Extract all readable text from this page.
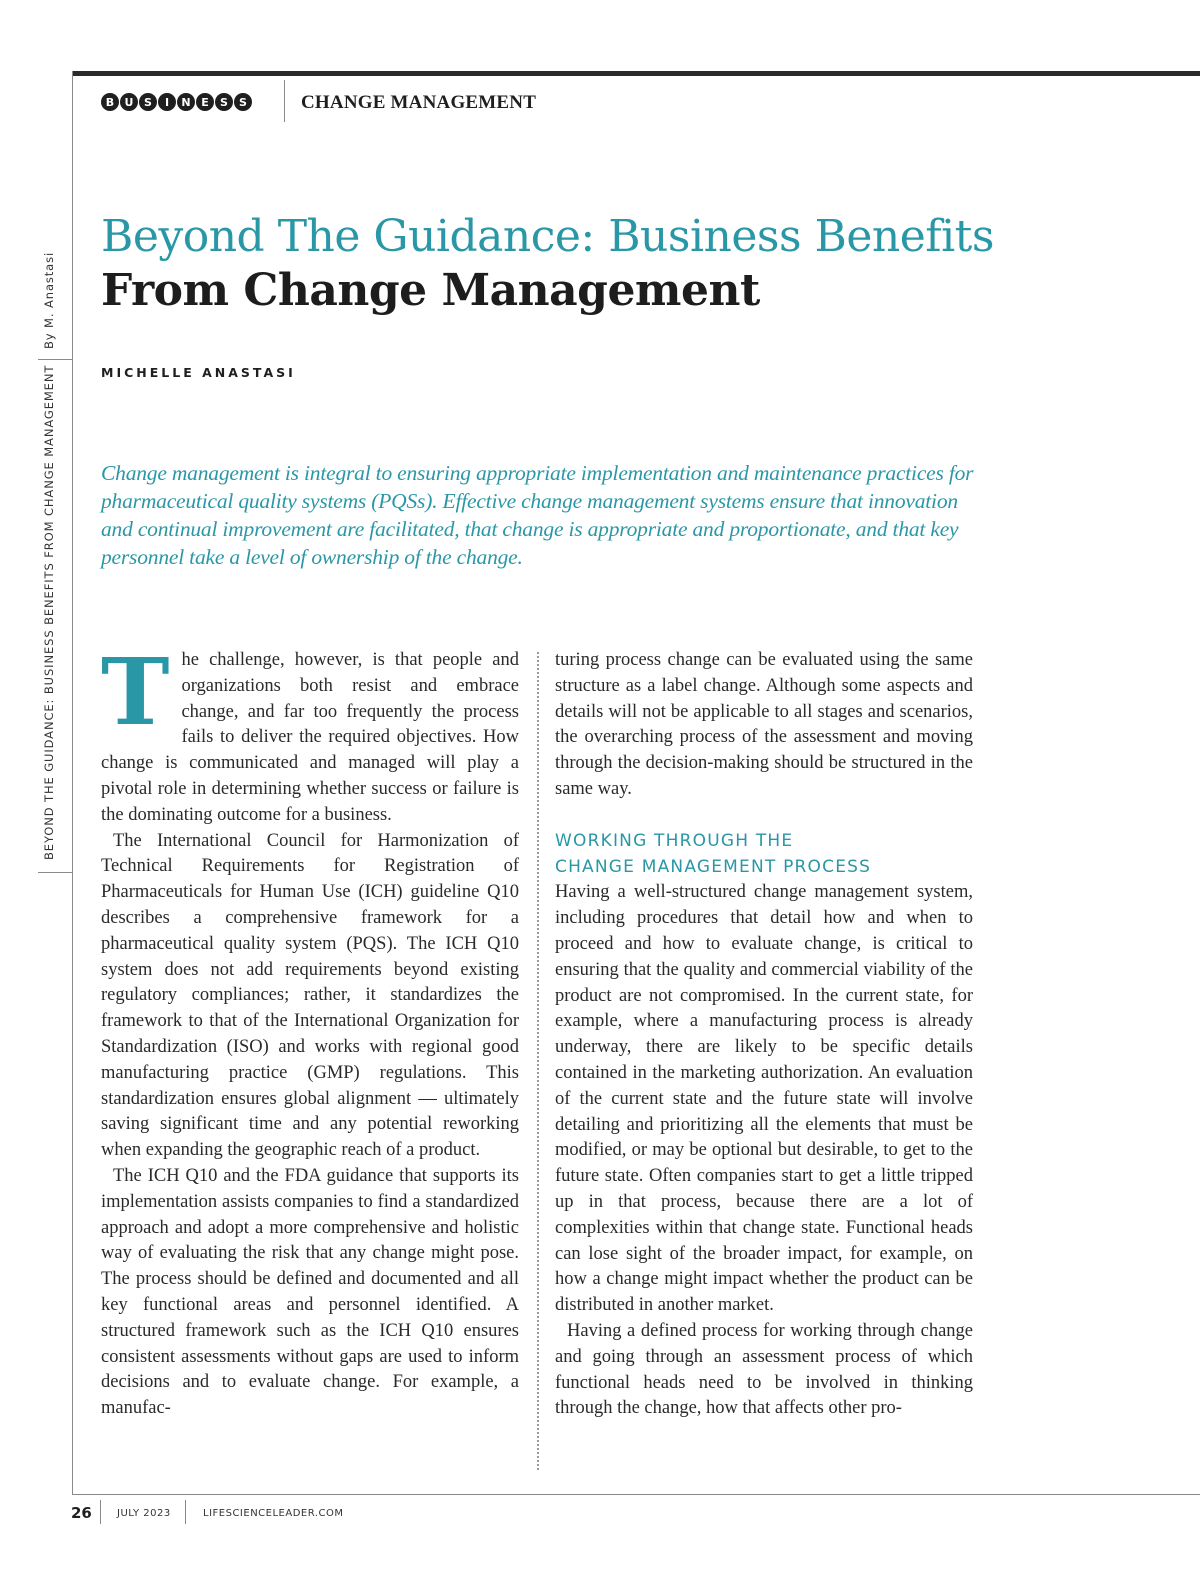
B U S	I	N E	S	S	CHANGE MANAGEMENT
By M. Anastasi
BEYOND THE GUIDANCE: BUSINESS BENEFITS FROM CHANGE MANAGEMENT
Beyond The Guidance: Business Benefits
From Change Management
MICHELLE ANASTASI
Change management is integral to ensuring appropriate implementation and maintenance practices for pharmaceutical quality systems (PQSs). Effective change management systems ensure that innovation and continual improvement are facilitated, that change is appropriate and proportionate, and that key personnel take a level of ownership of the change.

The challenge, however, is that people and organizations both resist and embrace change, and far too frequently the process fails to deliver the required objectives. How change is communicated and managed will play a pivotal role in determining whether success or failure is the dominating outcome for a business.

The International Council for Harmonization of Technical Requirements for Registration of Pharmaceuticals for Human Use (ICH) guideline Q10 describes a comprehensive framework for a pharmaceutical quality system (PQS). The ICH Q10 system does not add requirements beyond existing regulatory compliances; rather, it standardizes the framework to that of the International Organization for Standardization (ISO) and works with regional good manufacturing practice (GMP) regulations. This standardization ensures global alignment — ultimately saving significant time and any potential reworking when expanding the geographic reach of a product.

The ICH Q10 and the FDA guidance that supports its implementation assists companies to find a standardized approach and adopt a more comprehensive and holistic way of evaluating the risk that any change might pose. The process should be defined and documented and all key functional areas and personnel identified. A structured framework such as the ICH Q10 ensures consistent assessments without gaps are used to inform decisions and to evaluate change. For example, a manufac-

turing process change can be evaluated using the same structure as a label change. Although some aspects and details will not be applicable to all stages and scenarios, the overarching process of the assessment and moving through the decision-making should be structured in the same way.

WORKING THROUGH THE
CHANGE MANAGEMENT PROCESS

Having a well-structured change management system, including procedures that detail how and when to proceed and how to evaluate change, is critical to ensuring that the quality and commercial viability of the product are not compromised. In the current state, for example, where a manufacturing process is already underway, there are likely to be specific details contained in the marketing authorization. An evaluation of the current state and the future state will involve detailing and prioritizing all the elements that must be modified, or may be optional but desirable, to get to the future state. Often companies start to get a little tripped up in that process, because there are a lot of complexities within that change state. Functional heads can lose sight of the broader impact, for example, on how a change might impact whether the product can be distributed in another market.

Having a defined process for working through change and going through an assessment process of which functional heads need to be involved in thinking through the change, how that affects other pro-

26	JULY 2023	LIFESCIENCELEADER.COM
